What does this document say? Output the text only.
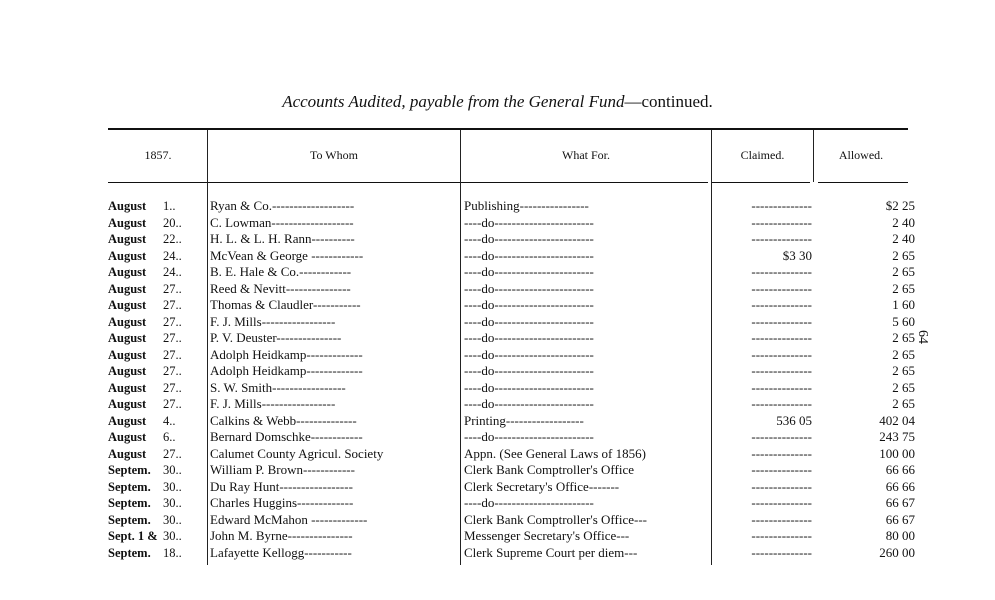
Accounts Audited, payable from the General Fund—continued.
1857.	To Whom	What For.	Claimed.	Allowed.
August	1..	Ryan & Co.-------------------	Publishing----------------	--------------	$2 25
August	20..	C. Lowman-------------------	----do-----------------------	--------------	2 40
August	22..	H. L. & L. H. Rann----------	----do-----------------------	--------------	2 40
August	24..	McVean & George ------------	----do-----------------------	$3 30	2 65
August	24..	B. E. Hale & Co.------------	----do-----------------------	--------------	2 65
August	27..	Reed & Nevitt---------------	----do-----------------------	--------------	2 65
August	27..	Thomas & Claudler-----------	----do-----------------------	--------------	1 60
August	27..	F. J. Mills-----------------	----do-----------------------	--------------	5 60
August	27..	P. V. Deuster---------------	----do-----------------------	--------------	2 65
August	27..	Adolph Heidkamp-------------	----do-----------------------	--------------	2 65
August	27..	Adolph Heidkamp-------------	----do-----------------------	--------------	2 65
August	27..	S. W. Smith-----------------	----do-----------------------	--------------	2 65
August	27..	F. J. Mills-----------------	----do-----------------------	--------------	2 65
August	4..	Calkins & Webb--------------	Printing------------------	536 05	402 04
August	6..	Bernard Domschke------------	----do-----------------------	--------------	243 75
August	27..	Calumet County Agricul. Society	Appn. (See General Laws of 1856)	--------------	100 00
Septem. 30..	William P. Brown------------	Clerk Bank Comptroller's Office	--------------	66 66
Septem. 30..	Du Ray Hunt-----------------	Clerk Secretary's Office-------	--------------	66 66
Septem. 30..	Charles Huggins-------------	----do-----------------------	--------------	66 67
Septem. 30..	Edward McMahon -------------	Clerk Bank Comptroller's Office---	--------------	66 67
Sept. 1 & 30..	John M. Byrne---------------	Messenger Secretary's Office---	--------------	80 00
Septem. 18..	Lafayette Kellogg-----------	Clerk Supreme Court per diem---	--------------	260 00
64
